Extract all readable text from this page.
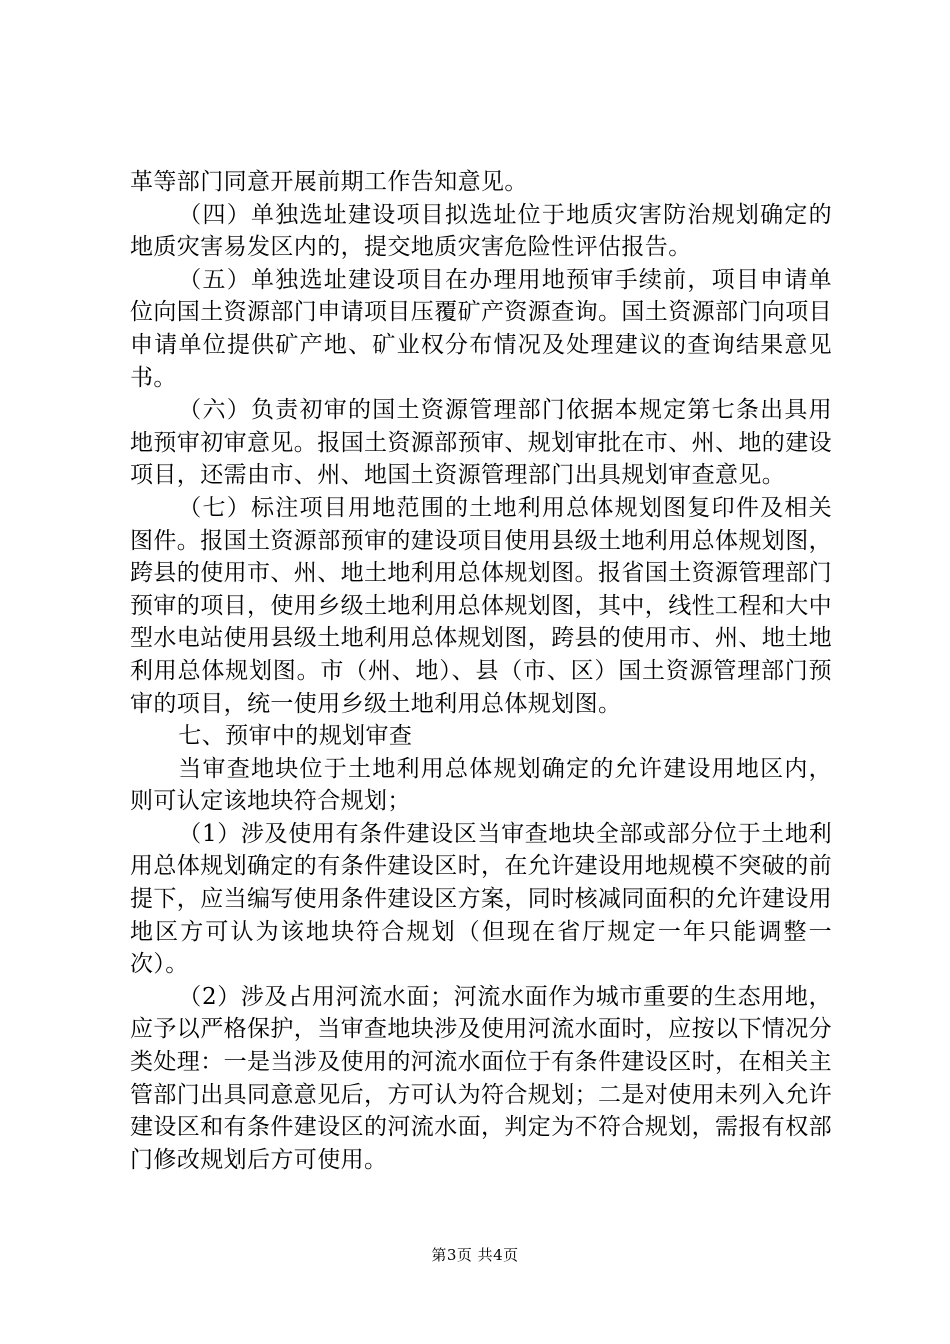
革等部门同意开展前期工作告知意见。

（四）单独选址建设项目拟选址位于地质灾害防治规划确定的地质灾害易发区内的，提交地质灾害危险性评估报告。

（五）单独选址建设项目在办理用地预审手续前，项目申请单位向国土资源部门申请项目压覆矿产资源查询。国土资源部门向项目申请单位提供矿产地、矿业权分布情况及处理建议的查询结果意见书。

（六）负责初审的国土资源管理部门依据本规定第七条出具用地预审初审意见。报国土资源部预审、规划审批在市、州、地的建设项目，还需由市、州、地国土资源管理部门出具规划审查意见。

（七）标注项目用地范围的土地利用总体规划图复印件及相关图件。报国土资源部预审的建设项目使用县级土地利用总体规划图，跨县的使用市、州、地土地利用总体规划图。报省国土资源管理部门预审的项目，使用乡级土地利用总体规划图，其中，线性工程和大中型水电站使用县级土地利用总体规划图，跨县的使用市、州、地土地利用总体规划图。市（州、地）、县（市、区）国土资源管理部门预审的项目，统一使用乡级土地利用总体规划图。

七、预审中的规划审查

当审查地块位于土地利用总体规划确定的允许建设用地区内，则可认定该地块符合规划；

（1）涉及使用有条件建设区当审查地块全部或部分位于土地利用总体规划确定的有条件建设区时，在允许建设用地规模不突破的前提下，应当编写使用条件建设区方案，同时核减同面积的允许建设用地区方可认为该地块符合规划（但现在省厅规定一年只能调整一次）。

（2）涉及占用河流水面；河流水面作为城市重要的生态用地，应予以严格保护，当审查地块涉及使用河流水面时，应按以下情况分类处理：一是当涉及使用的河流水面位于有条件建设区时，在相关主管部门出具同意意见后，方可认为符合规划；二是对使用未列入允许建设区和有条件建设区的河流水面，判定为不符合规划，需报有权部门修改规划后方可使用。

第3页 共4页
